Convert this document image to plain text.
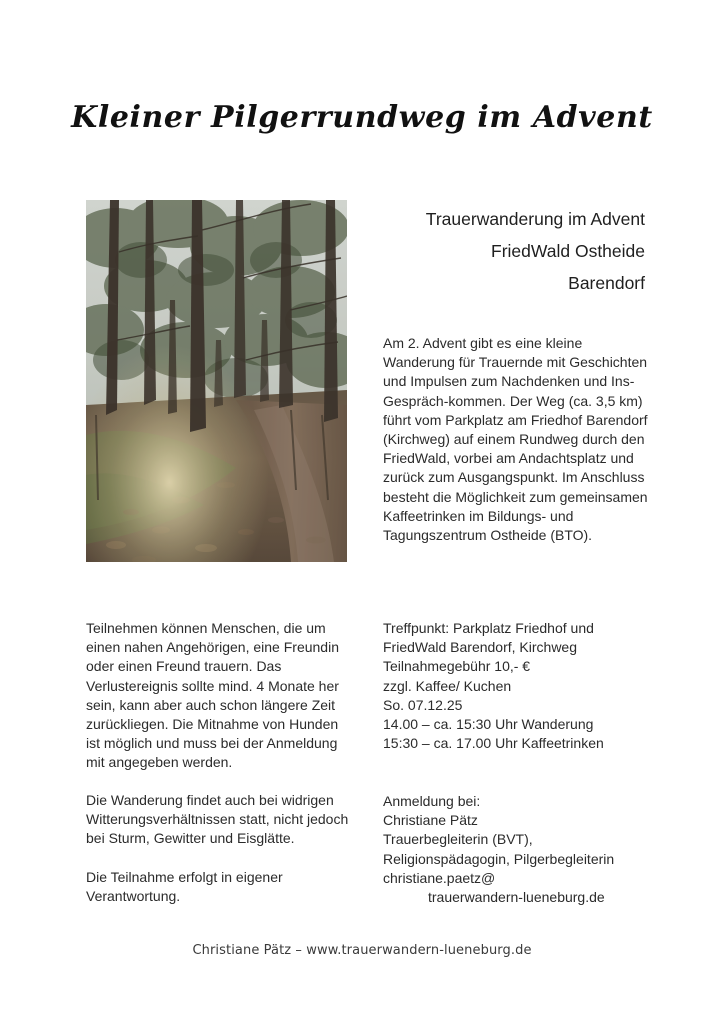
Kleiner Pilgerrundweg im Advent
Trauerwanderung im Advent
FriedWald Ostheide
Barendorf
Am 2. Advent gibt es eine kleine Wanderung für Trauernde mit Geschichten und Impulsen zum Nachdenken und Ins-Gespräch-kommen. Der Weg (ca. 3,5 km) führt vom Parkplatz am Friedhof Barendorf (Kirchweg) auf einem Rundweg durch den FriedWald, vorbei am Andachtsplatz und zurück zum Ausgangspunkt. Im Anschluss besteht die Möglichkeit zum gemeinsamen Kaffeetrinken im Bildungs- und Tagungszentrum Ostheide (BTO).
Teilnehmen können Menschen, die um einen nahen Angehörigen, eine Freundin oder einen Freund trauern. Das Verlustereignis sollte mind. 4 Monate her sein, kann aber auch schon längere Zeit zurückliegen. Die Mitnahme von Hunden ist möglich und muss bei der Anmeldung mit angegeben werden.
Die Wanderung findet auch bei widrigen Witterungsverhältnissen statt, nicht jedoch bei Sturm, Gewitter und Eisglätte.
Die Teilnahme erfolgt in eigener Verantwortung.
Treffpunkt: Parkplatz Friedhof und
FriedWald Barendorf, Kirchweg
Teilnahmegebühr 10,- €
zzgl. Kaffee/ Kuchen
So. 07.12.25
14.00 – ca. 15:30 Uhr Wanderung
15:30 – ca. 17.00 Uhr Kaffeetrinken
Anmeldung bei:
Christiane Pätz
Trauerbegleiterin (BVT),
Religionspädagogin, Pilgerbegleiterin
christiane.paetz@
trauerwandern-lueneburg.de
Christiane Pätz – www.trauerwandern-lueneburg.de
